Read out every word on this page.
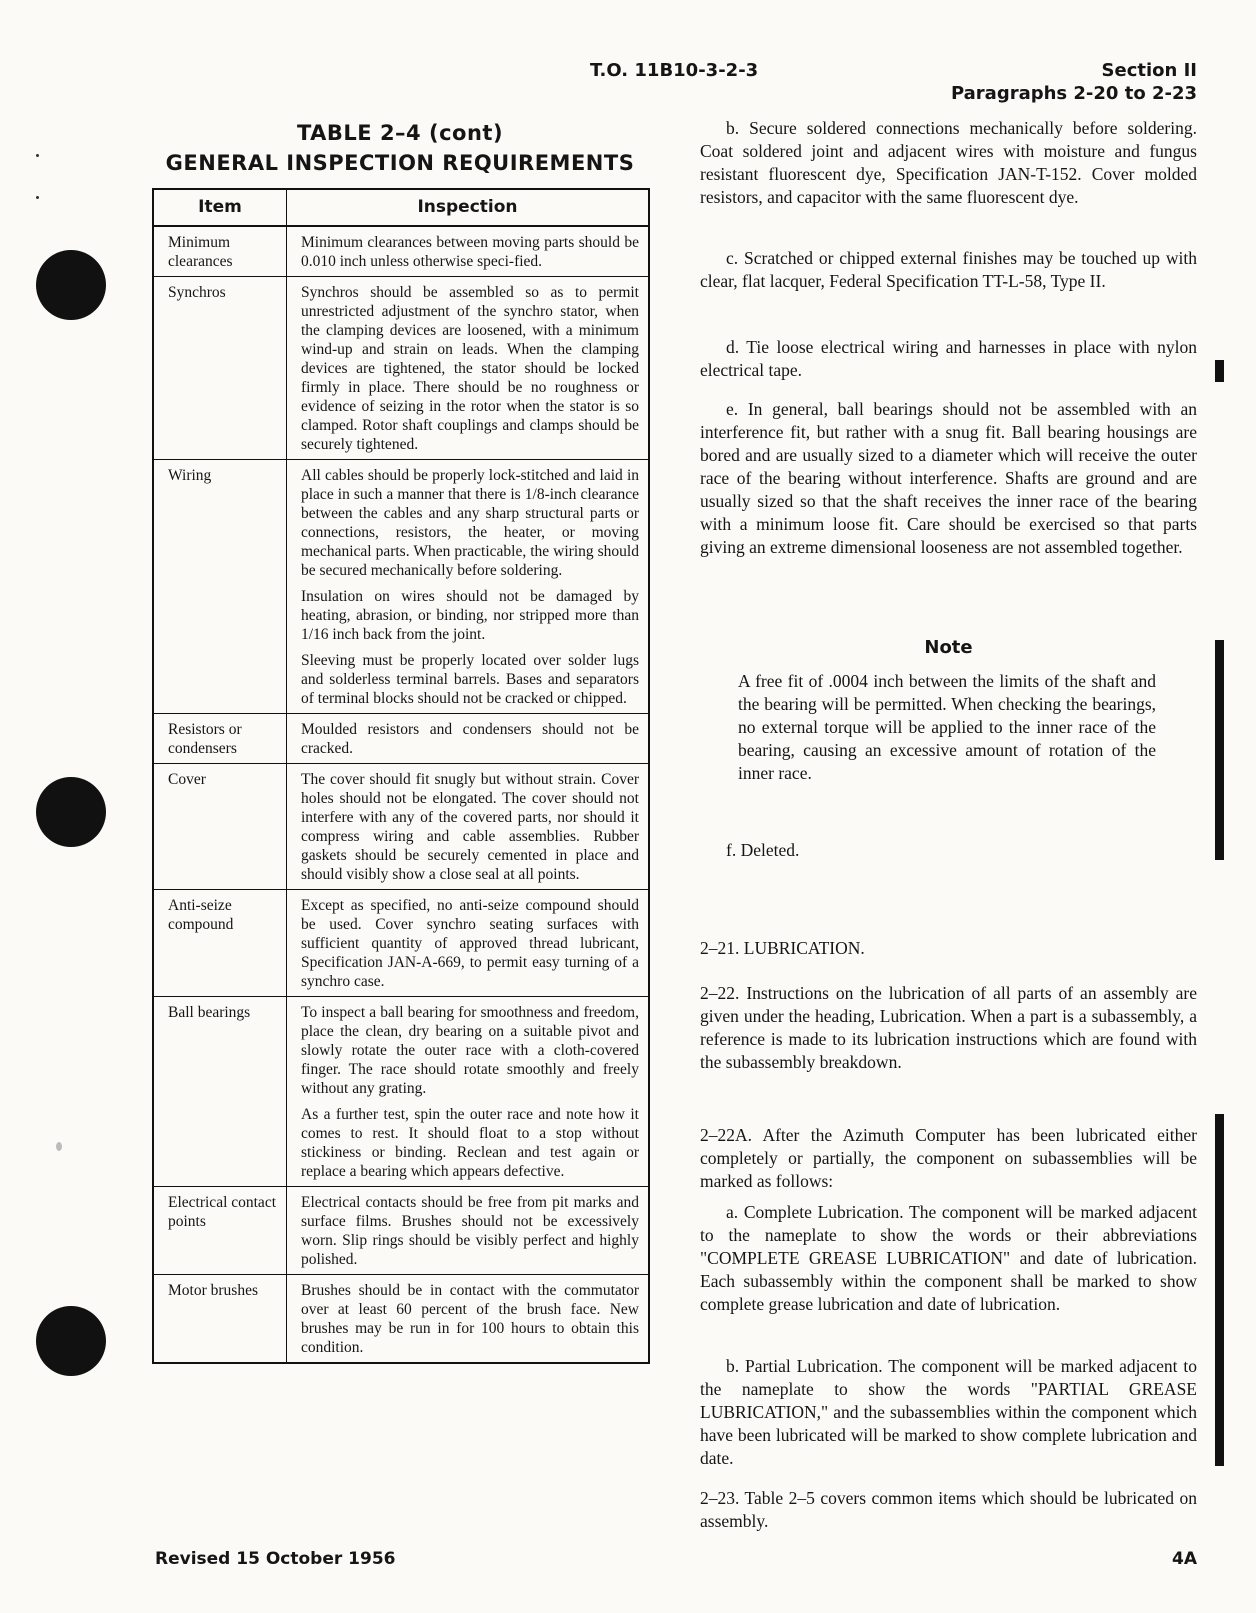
T.O. 11B10-3-2-3	Section II
Paragraphs 2-20 to 2-23
TABLE 2–4 (cont)
GENERAL INSPECTION REQUIREMENTS
Item	Inspection
Minimum clearances	Minimum clearances between moving parts should be 0.010 inch unless otherwise speci-fied.

Synchros	Synchros should be assembled so as to permit unrestricted adjustment of the synchro stator, when the clamping devices are loosened, with a minimum wind-up and strain on leads. When the clamping devices are tightened, the stator should be locked firmly in place. There should be no roughness or evidence of seizing in the rotor when the stator is so clamped. Rotor shaft couplings and clamps should be securely tightened.

Wiring	All cables should be properly lock-stitched and laid in place in such a manner that there is 1/8-inch clearance between the cables and any sharp structural parts or connections, resistors, the heater, or moving mechanical parts. When practicable, the wiring should be secured mechanically before soldering.

Insulation on wires should not be damaged by heating, abrasion, or binding, nor stripped more than 1/16 inch back from the joint.

Sleeving must be properly located over solder lugs and solderless terminal barrels. Bases and separators of terminal blocks should not be cracked or chipped.

Resistors or condensers	Moulded resistors and condensers should not be cracked.

Cover	The cover should fit snugly but without strain. Cover holes should not be elongated. The cover should not interfere with any of the covered parts, nor should it compress wiring and cable assemblies. Rubber gaskets should be securely cemented in place and should visibly show a close seal at all points.

Anti-seize compound	Except as specified, no anti-seize compound should be used. Cover synchro seating surfaces with sufficient quantity of approved thread lubricant, Specification JAN-A-669, to permit easy turning of a synchro case.

Ball bearings	To inspect a ball bearing for smoothness and freedom, place the clean, dry bearing on a suitable pivot and slowly rotate the outer race with a cloth-covered finger. The race should rotate smoothly and freely without any grating.

As a further test, spin the outer race and note how it comes to rest. It should float to a stop without stickiness or binding. Reclean and test again or replace a bearing which appears defective.

Electrical contact points	Electrical contacts should be free from pit marks and surface films. Brushes should not be excessively worn. Slip rings should be visibly perfect and highly polished.

Motor brushes	Brushes should be in contact with the commutator over at least 60 percent of the brush face. New brushes may be run in for 100 hours to obtain this condition.

b. Secure soldered connections mechanically before soldering. Coat soldered joint and adjacent wires with moisture and fungus resistant fluorescent dye, Specification JAN-T-152. Cover molded resistors, and capacitor with the same fluorescent dye.

c. Scratched or chipped external finishes may be touched up with clear, flat lacquer, Federal Specification TT-L-58, Type II.

d. Tie loose electrical wiring and harnesses in place with nylon electrical tape.

e. In general, ball bearings should not be assembled with an interference fit, but rather with a snug fit. Ball bearing housings are bored and are usually sized to a diameter which will receive the outer race of the bearing without interference. Shafts are ground and are usually sized so that the shaft receives the inner race of the bearing with a minimum loose fit. Care should be exercised so that parts giving an extreme dimensional looseness are not assembled together.

Note
A free fit of .0004 inch between the limits of the shaft and the bearing will be permitted. When checking the bearings, no external torque will be applied to the inner race of the bearing, causing an excessive amount of rotation of the inner race.

f. Deleted.

2–21. LUBRICATION.

2–22. Instructions on the lubrication of all parts of an assembly are given under the heading, Lubrication. When a part is a subassembly, a reference is made to its lubrication instructions which are found with the subassembly breakdown.

2–22A. After the Azimuth Computer has been lubricated either completely or partially, the component on subassemblies will be marked as follows:

a. Complete Lubrication. The component will be marked adjacent to the nameplate to show the words or their abbreviations "COMPLETE GREASE LUBRICATION" and date of lubrication. Each subassembly within the component shall be marked to show complete grease lubrication and date of lubrication.

b. Partial Lubrication. The component will be marked adjacent to the nameplate to show the words "PARTIAL GREASE LUBRICATION," and the subassemblies within the component which have been lubricated will be marked to show complete lubrication and date.

2–23. Table 2–5 covers common items which should be lubricated on assembly.

Revised 15 October 1956	4A
